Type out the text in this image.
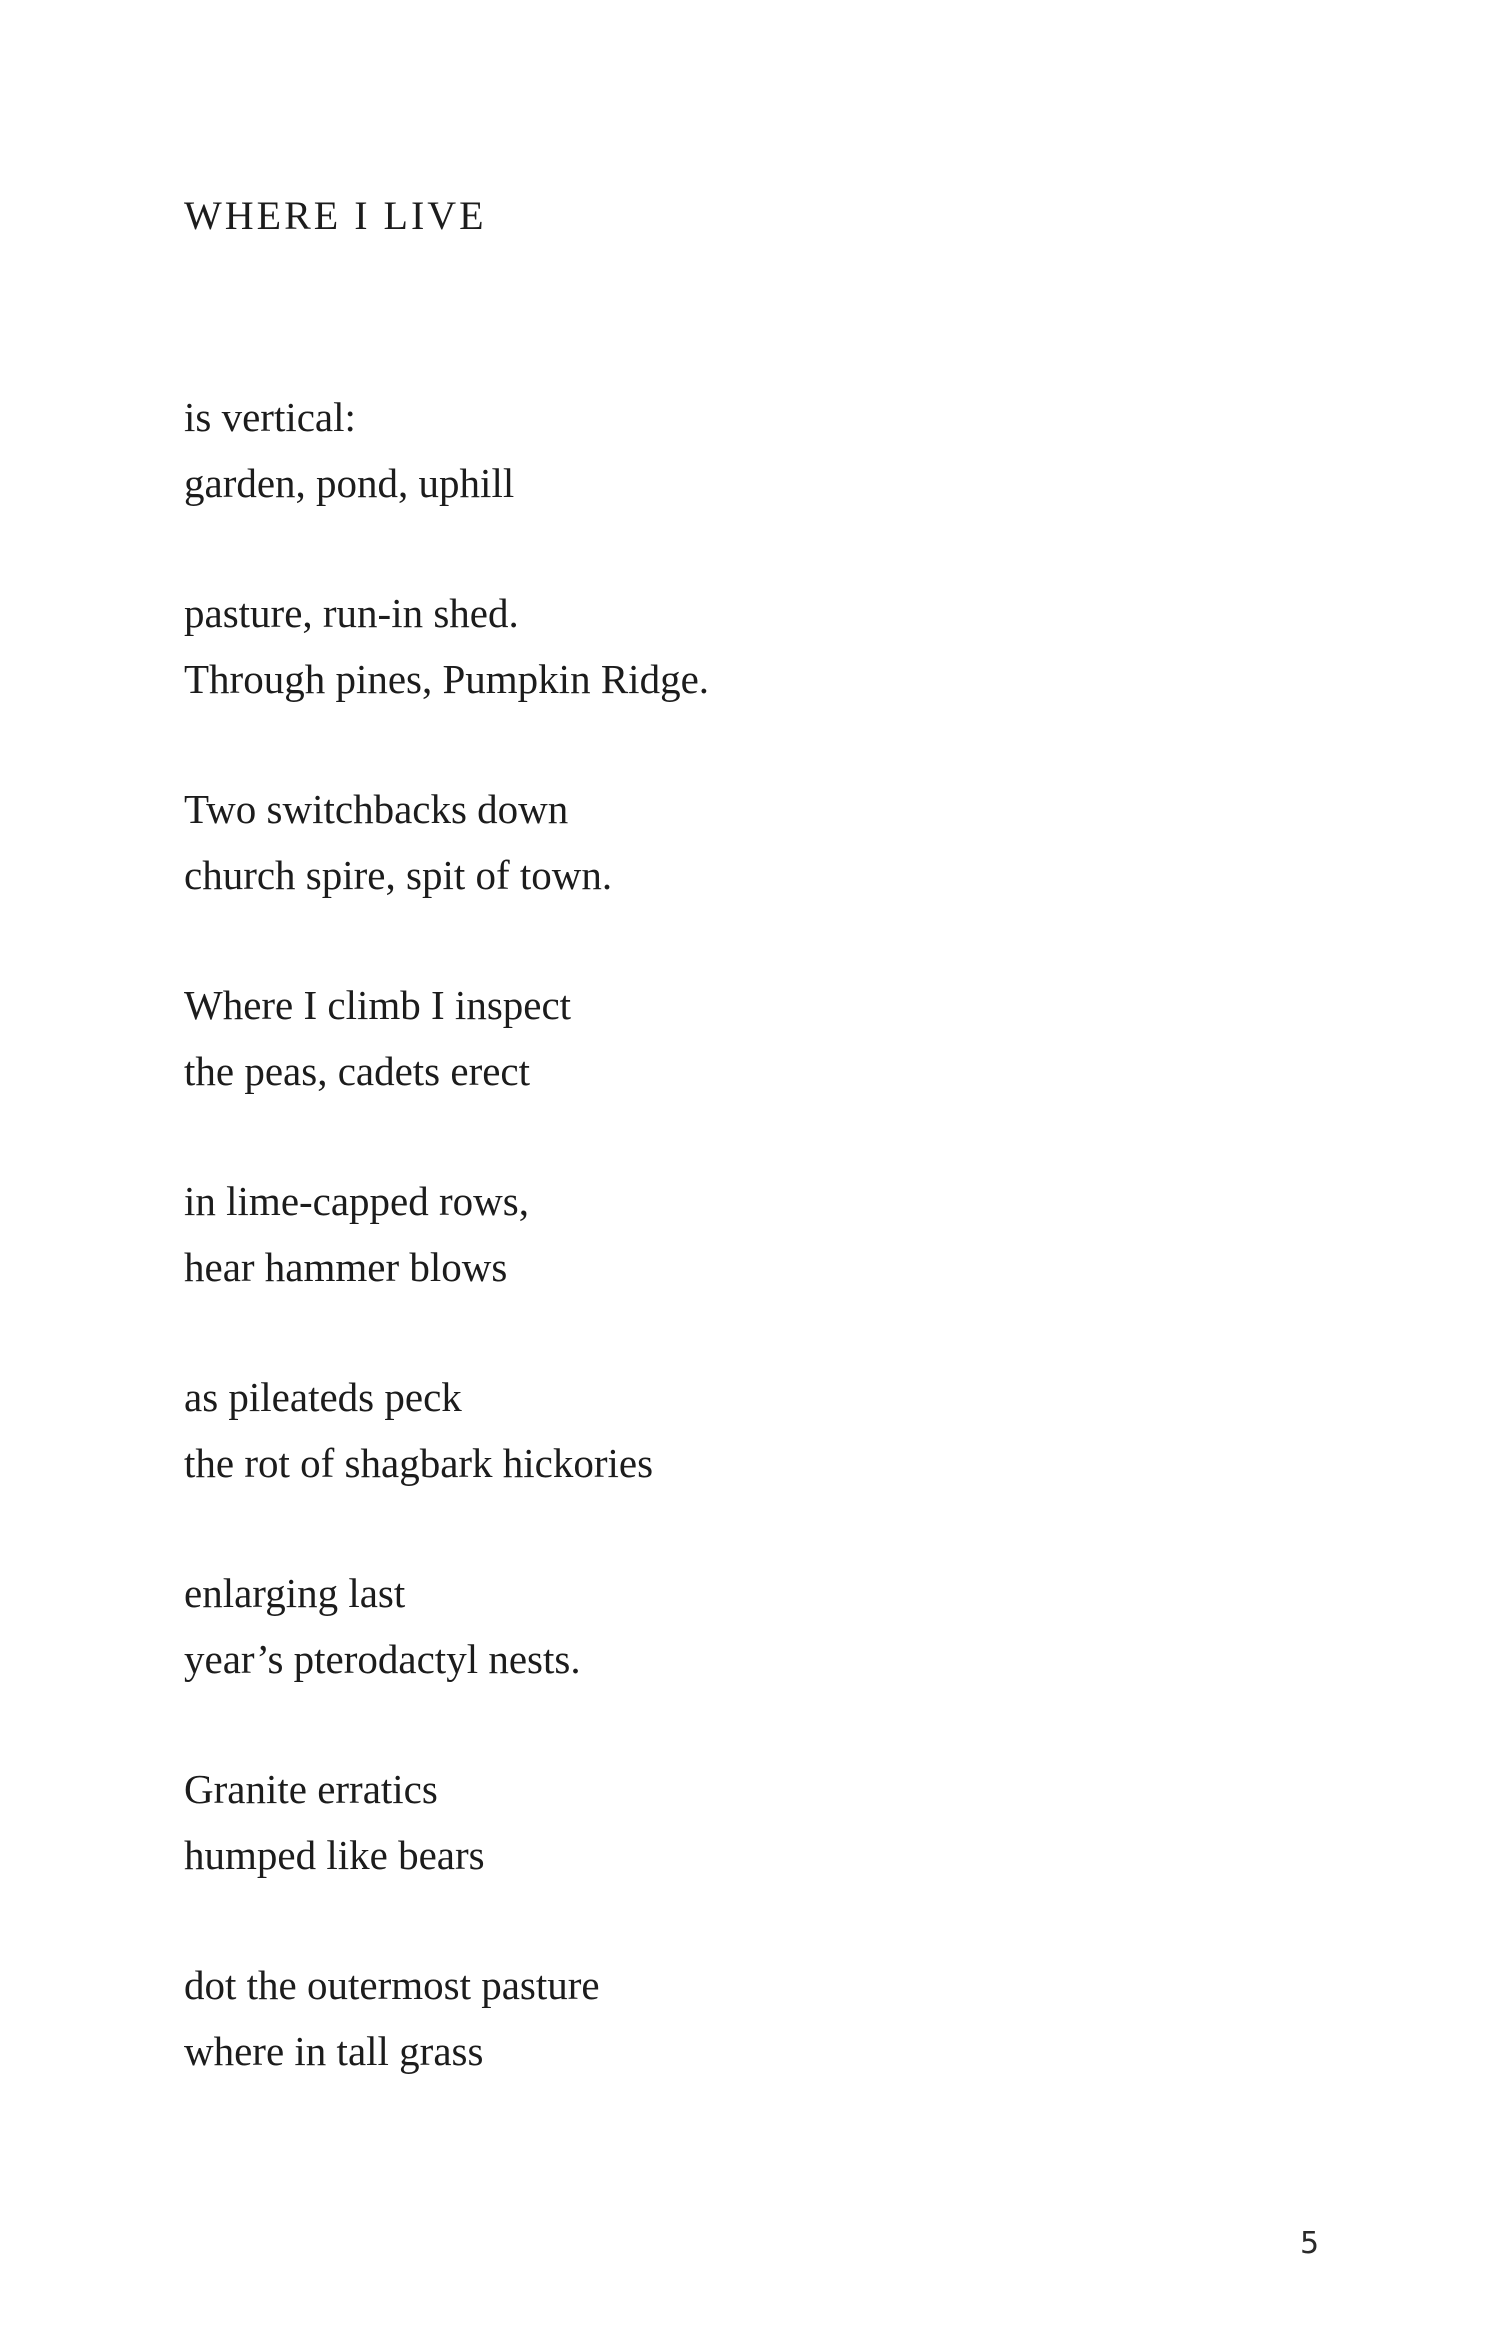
WHERE I LIVE
is vertical:
garden, pond, uphill
pasture, run-in shed.
Through pines, Pumpkin Ridge.
Two switchbacks down
church spire, spit of town.
Where I climb I inspect
the peas, cadets erect
in lime-capped rows,
hear hammer blows
as pileateds peck
the rot of shagbark hickories
enlarging last
year’s pterodactyl nests.
Granite erratics
humped like bears
dot the outermost pasture
where in tall grass
5
